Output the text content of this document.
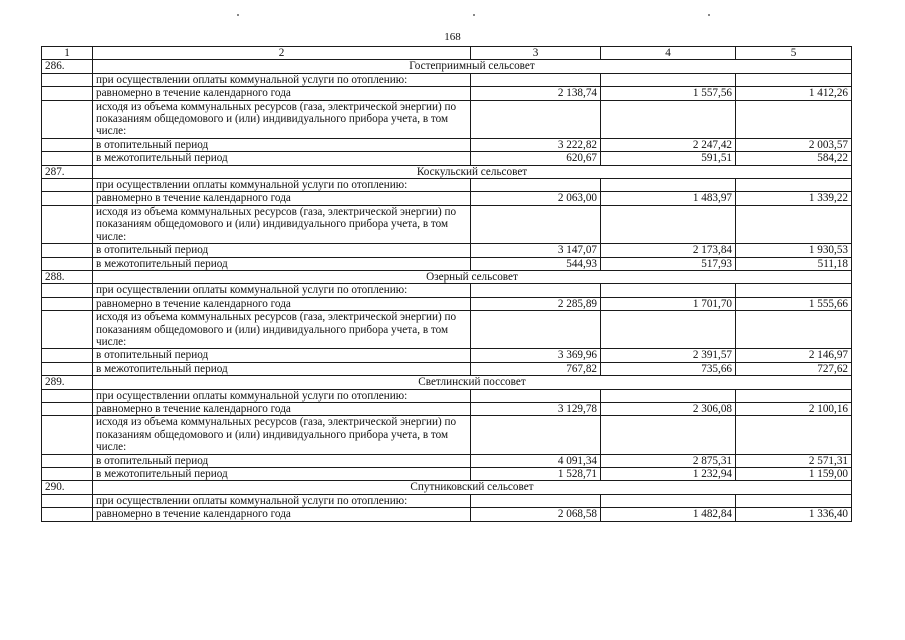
168
1	2	3	4	5
286.	Гостеприимный сельсовет			
	при осуществлении оплаты коммунальной услуги по отоплению:			
	равномерно в течение календарного года	2 138,74	1 557,56	1 412,26
	исходя из объема коммунальных ресурсов (газа, электрической энергии) по показаниям общедомового и (или) индивидуального прибора учета, в том числе:			
	в отопительный период	3 222,82	2 247,42	2 003,57
	в межотопительный период	620,67	591,51	584,22
287.	Коскульский сельсовет			
	при осуществлении оплаты коммунальной услуги по отоплению:			
	равномерно в течение календарного года	2 063,00	1 483,97	1 339,22
	исходя из объема коммунальных ресурсов (газа, электрической энергии) по показаниям общедомового и (или) индивидуального прибора учета, в том числе:			
	в отопительный период	3 147,07	2 173,84	1 930,53
	в межотопительный период	544,93	517,93	511,18
288.	Озерный сельсовет			
	при осуществлении оплаты коммунальной услуги по отоплению:			
	равномерно в течение календарного года	2 285,89	1 701,70	1 555,66
	исходя из объема коммунальных ресурсов (газа, электрической энергии) по показаниям общедомового и (или) индивидуального прибора учета, в том числе:			
	в отопительный период	3 369,96	2 391,57	2 146,97
	в межотопительный период	767,82	735,66	727,62
289.	Светлинский поссовет			
	при осуществлении оплаты коммунальной услуги по отоплению:			
	равномерно в течение календарного года	3 129,78	2 306,08	2 100,16
	исходя из объема коммунальных ресурсов (газа, электрической энергии) по показаниям общедомового и (или) индивидуального прибора учета, в том числе:			
	в отопительный период	4 091,34	2 875,31	2 571,31
	в межотопительный период	1 528,71	1 232,94	1 159,00
290.	Спутниковский сельсовет			
	при осуществлении оплаты коммунальной услуги по отоплению:			
	равномерно в течение календарного года	2 068,58	1 482,84	1 336,40
